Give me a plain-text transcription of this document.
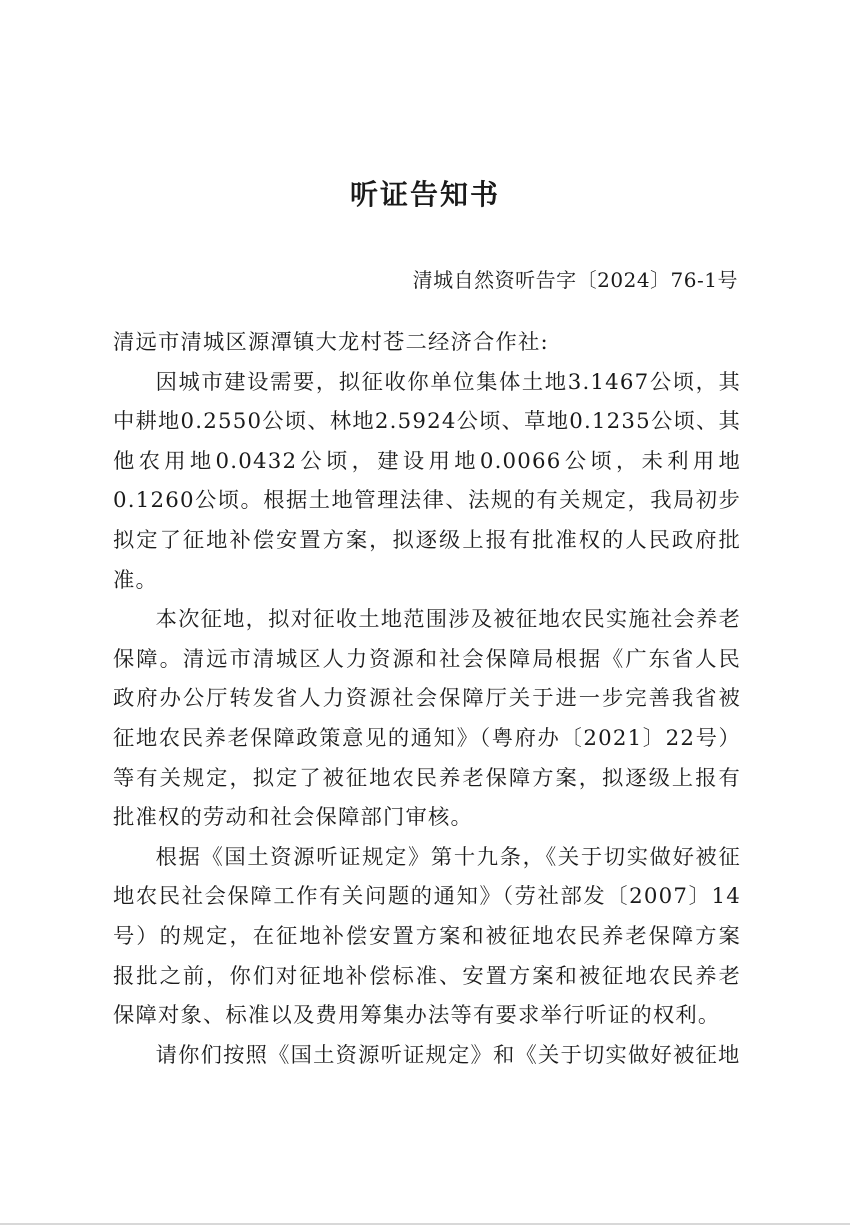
听证告知书
清城自然资听告字〔2024〕76-1号

清远市清城区源潭镇大龙村苍二经济合作社:

因城市建设需要，拟征收你单位集体土地3.1467公顷，其中耕地0.2550公顷、林地2.5924公顷、草地0.1235公顷、其他农用地0.0432公顷，建设用地0.0066公顷，未利用地0.1260公顷。根据土地管理法律、法规的有关规定，我局初步拟定了征地补偿安置方案，拟逐级上报有批准权的人民政府批准。

本次征地，拟对征收土地范围涉及被征地农民实施社会养老保障。清远市清城区人力资源和社会保障局根据《广东省人民政府办公厅转发省人力资源社会保障厅关于进一步完善我省被征地农民养老保障政策意见的通知》（粤府办〔2021〕22号）等有关规定，拟定了被征地农民养老保障方案，拟逐级上报有批准权的劳动和社会保障部门审核。

根据《国土资源听证规定》第十九条，《关于切实做好被征地农民社会保障工作有关问题的通知》（劳社部发〔2007〕14号）的规定，在征地补偿安置方案和被征地农民养老保障方案报批之前，你们对征地补偿标准、安置方案和被征地农民养老保障对象、标准以及费用筹集办法等有要求举行听证的权利。

请你们按照《国土资源听证规定》和《关于切实做好被征地
